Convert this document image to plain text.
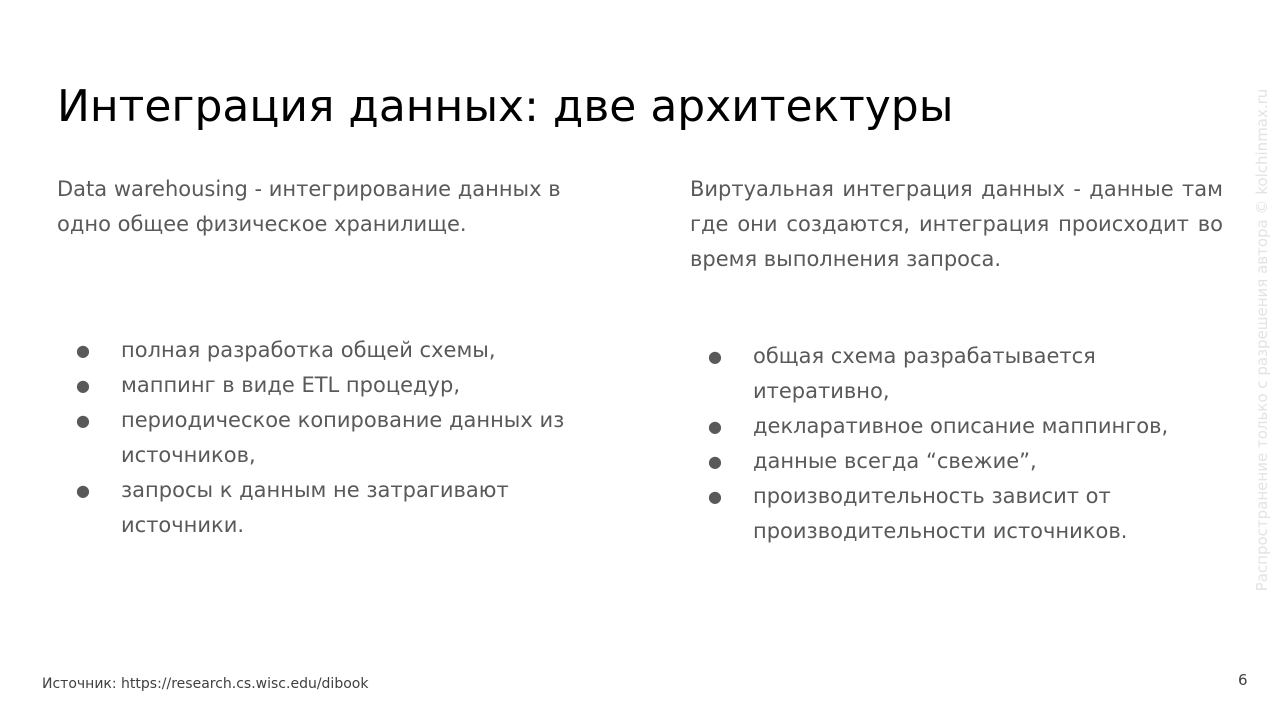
Интеграция данных: две архитектуры

Data warehousing - интегрирование данных в одно общее физическое хранилище.

Виртуальная интеграция данных - данные там где они создаются, интеграция происходит во время выполнения запроса.

● полная разработка общей схемы,
● маппинг в виде ETL процедур,
● периодическое копирование данных из источников,
● запросы к данным не затрагивают источники.
● общая схема разрабатывается итеративно,
● декларативное описание маппингов,
● данные всегда “свежие”,
● производительность зависит от производительности источников.
Источник: https://research.cs.wisc.edu/dibook	6
Распространение только с разрешения автора © kolchinmax.ru
